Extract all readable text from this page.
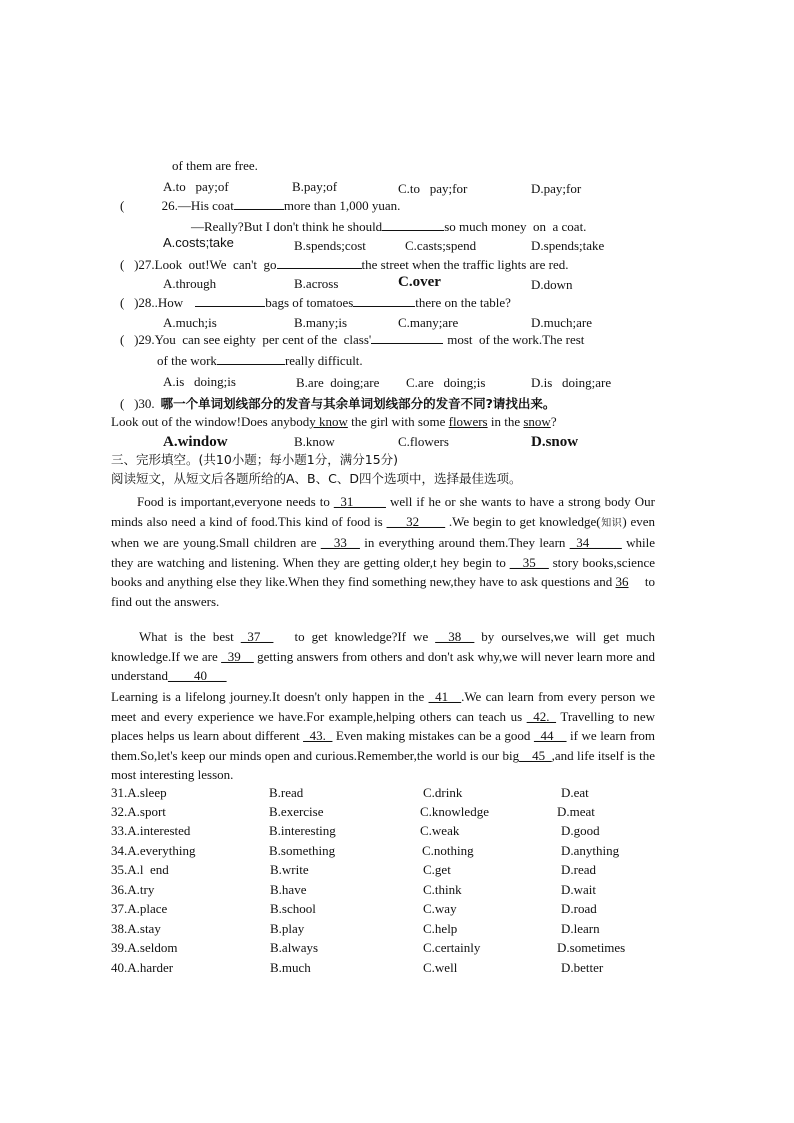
of them are free.
A.to   pay;of	B.pay;of	C.to   pay;for	D.pay;for
(	26.—His coat	more than 1,000 yuan.
—Really?But I don't think he should	so much money  on  a coat.
A.costs;take	B.spends;cost	C.casts;spend	D.spends;take
(   )27.Look  out!We  can't  go	the street when the traffic lights are red.
A.through	B.across	C.over	D.down
(   )28..How	bags of tomatoes	there on the table?
A.much;is	B.many;is	C.many;are	D.much;are
(   )29.You  can see eighty  per cent of the  class'	most  of the work.The rest
of the work	really difficult.
A.is   doing;is	B.are  doing;are C.are   doing;is	D.is   doing;are
(   )30. 哪一个单词划线部分的发音与其余单词划线部分的发音不同?请找出来。
Look out of the window!Does anybody know the girl with some flowers in the snow?
A.window	B.know	C.flowers	D.snow
三、完形填空。(共10小题；每小题1分，满分15分)
阅读短文，从短文后各题所给的A、B、C、D四个选项中，选择最佳选项。
Food is important,everyone needs to _31_____ well if he or she wants to have a strong body Our minds also need a kind of food.This kind of food is ___32____ .We begin to get knowledge(知识) even when we are young.Small children are __33__ in everything around them.They learn _34_____ while they are watching and listening. When they are getting older,t hey begin to __35__ story books,science books and anything else they like.When they find something new,they have to ask questions and 36     to find out the answers.
What is the best _37__   to get knowledge?If we __38__ by ourselves,we will get much knowledge.If we are _39__ getting answers from others and don't ask why,we will never learn more and understand____40___
Learning is a lifelong journey.It doesn't only happen in the _41__.We can learn from every person we meet and every experience we have.For example,helping others can teach us _42._ Travelling to new places helps us learn about different _43._ Even making mistakes can be a good _44__ if we learn from them.So,let's keep our minds open and curious.Remember,the world is our big__45_,and life itself is the most interesting lesson.
31.A.sleep	B.read	C.drink	D.eat
32.A.sport	B.exercise	C.knowledge	D.meat
33.A.interested	B.interesting	C.weak	D.good
34.A.everything	B.something	C.nothing	D.anything
35.A.l  end	B.write	C.get	D.read
36.A.try	B.have	C.think	D.wait
37.A.place	B.school	C.way	D.road
38.A.stay	B.play	C.help	D.learn
39.A.seldom	B.always	C.certainly	D.sometimes
40.A.harder	B.much	C.well	D.better
